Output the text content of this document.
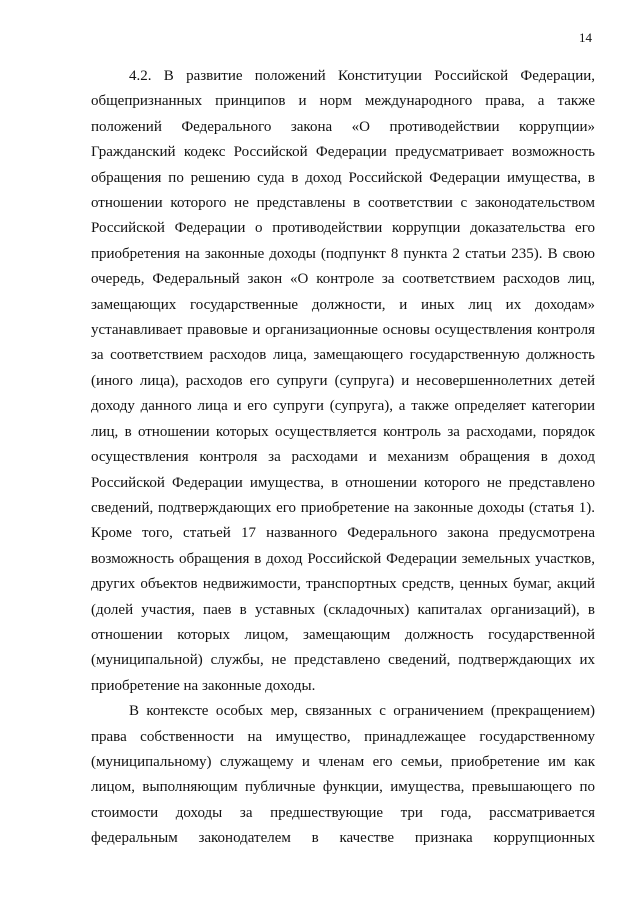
14

4.2. В развитие положений Конституции Российской Федерации, общепризнанных принципов и норм международного права, а также положений Федерального закона «О противодействии коррупции» Гражданский кодекс Российской Федерации предусматривает возможность обращения по решению суда в доход Российской Федерации имущества, в отношении которого не представлены в соответствии с законодательством Российской Федерации о противодействии коррупции доказательства его приобретения на законные доходы (подпункт 8 пункта 2 статьи 235). В свою очередь, Федеральный закон «О контроле за соответствием расходов лиц, замещающих государственные должности, и иных лиц их доходам» устанавливает правовые и организационные основы осуществления контроля за соответствием расходов лица, замещающего государственную должность (иного лица), расходов его супруги (супруга) и несовершеннолетних детей доходу данного лица и его супруги (супруга), а также определяет категории лиц, в отношении которых осуществляется контроль за расходами, порядок осуществления контроля за расходами и механизм обращения в доход Российской Федерации имущества, в отношении которого не представлено сведений, подтверждающих его приобретение на законные доходы (статья 1). Кроме того, статьей 17 названного Федерального закона предусмотрена возможность обращения в доход Российской Федерации земельных участков, других объектов недвижимости, транспортных средств, ценных бумаг, акций (долей участия, паев в уставных (складочных) капиталах организаций), в отношении которых лицом, замещающим должность государственной (муниципальной) службы, не представлено сведений, подтверждающих их приобретение на законные доходы.

В контексте особых мер, связанных с ограничением (прекращением) права собственности на имущество, принадлежащее государственному (муниципальному) служащему и членам его семьи, приобретение им как лицом, выполняющим публичные функции, имущества, превышающего по стоимости доходы за предшествующие три года, рассматривается федеральным законодателем в качестве признака коррупционных
